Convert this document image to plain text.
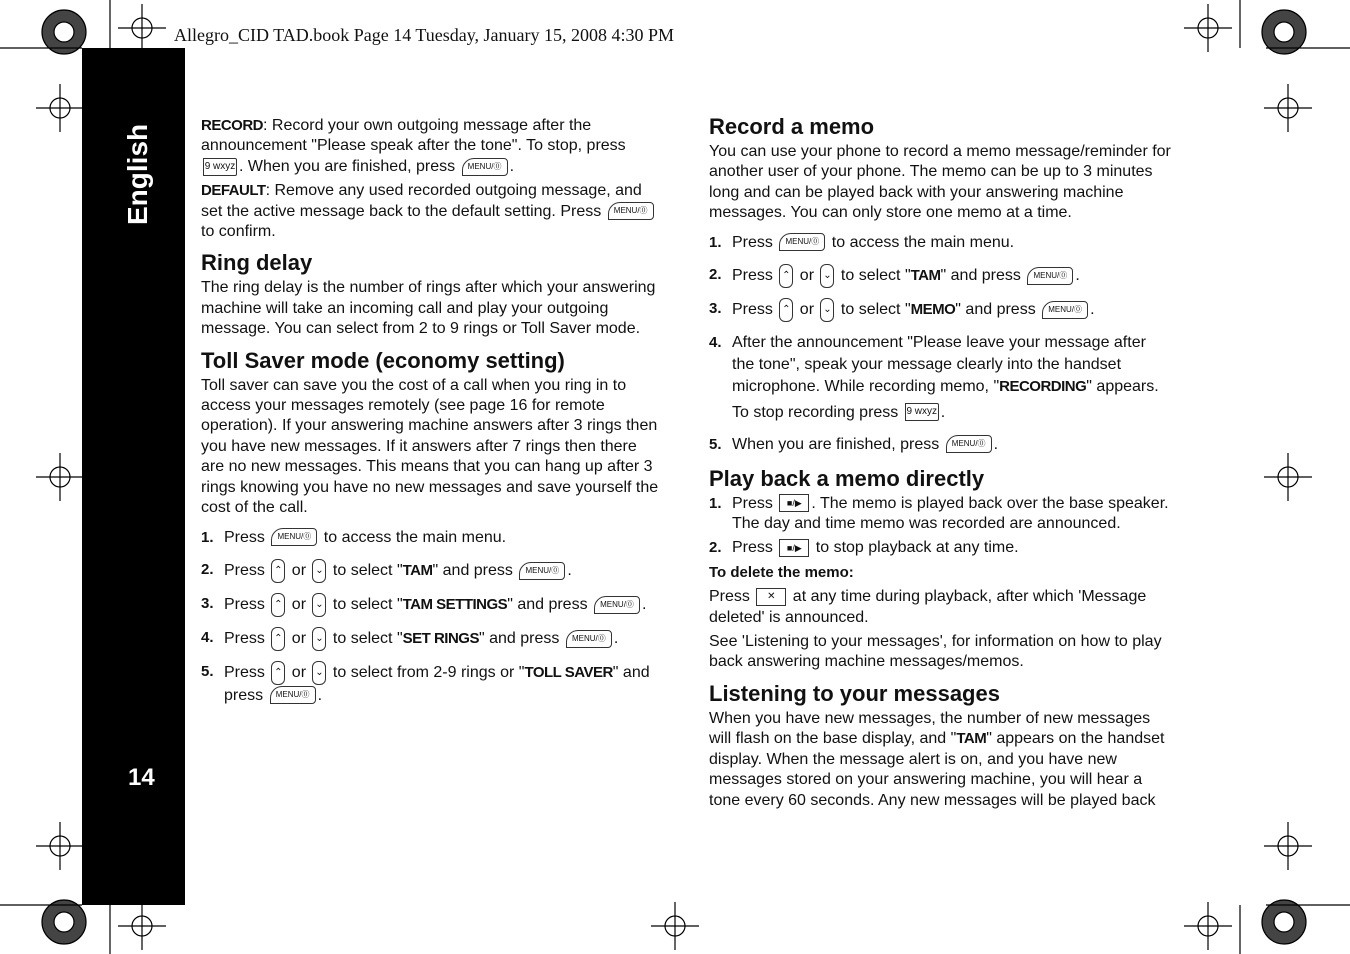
Allegro_CID TAD.book Page 14 Tuesday, January 15, 2008 4:30 PM
English
14

RECORD: Record your own outgoing message after the announcement "Please speak after the tone". To stop, press 9 wxyz . When you are finished, press MENU/⓪ .

DEFAULT: Remove any used recorded outgoing message, and set the active message back to the default setting. Press MENU/⓪ to confirm.

Ring delay

The ring delay is the number of rings after which your answering machine will take an incoming call and play your outgoing message. You can select from 2 to 9 rings or Toll Saver mode.

Toll Saver mode (economy setting)

Toll saver can save you the cost of a call when you ring in to access your messages remotely (see page 16 for remote operation). If your answering machine answers after 3 rings then you have new messages. If it answers after 7 rings then there are no new messages. This means that you can hang up after 3 rings knowing you have no new messages and save yourself the cost of the call.

1. Press MENU/⓪ to access the main menu.
2. Press ⌃ or ⌄ to select "TAM" and press MENU/⓪ .
3. Press ⌃ or ⌄ to select "TAM SETTINGS" and press MENU/⓪ .
4. Press ⌃ or ⌄ to select "SET RINGS" and press MENU/⓪ .
5. Press ⌃ or ⌄ to select from 2-9 rings or "TOLL SAVER" and press MENU/⓪ .
Record a memo

You can use your phone to record a memo message/reminder for another user of your phone. The memo can be up to 3 minutes long and can be played back with your answering machine messages. You can only store one memo at a time.

1. Press MENU/⓪ to access the main menu.
2. Press ⌃ or ⌄ to select "TAM" and press MENU/⓪ .
3. Press ⌃ or ⌄ to select "MEMO" and press MENU/⓪ .
4. After the announcement "Please leave your message after the tone", speak your message clearly into the handset microphone. While recording memo, "RECORDING" appears.
To stop recording press 9 wxyz .
5. When you are finished, press MENU/⓪ .
Play back a memo directly
1. Press ■/▶ . The memo is played back over the base speaker. The day and time memo was recorded are announced.
2. Press ■/▶ to stop playback at any time.

To delete the memo:

Press ✕ at any time during playback, after which 'Message deleted' is announced.

See 'Listening to your messages', for information on how to play back answering machine messages/memos.

Listening to your messages

When you have new messages, the number of new messages will flash on the base display, and "TAM" appears on the handset display. When the message alert is on, and you have new messages stored on your answering machine, you will hear a tone every 60 seconds. Any new messages will be played back
